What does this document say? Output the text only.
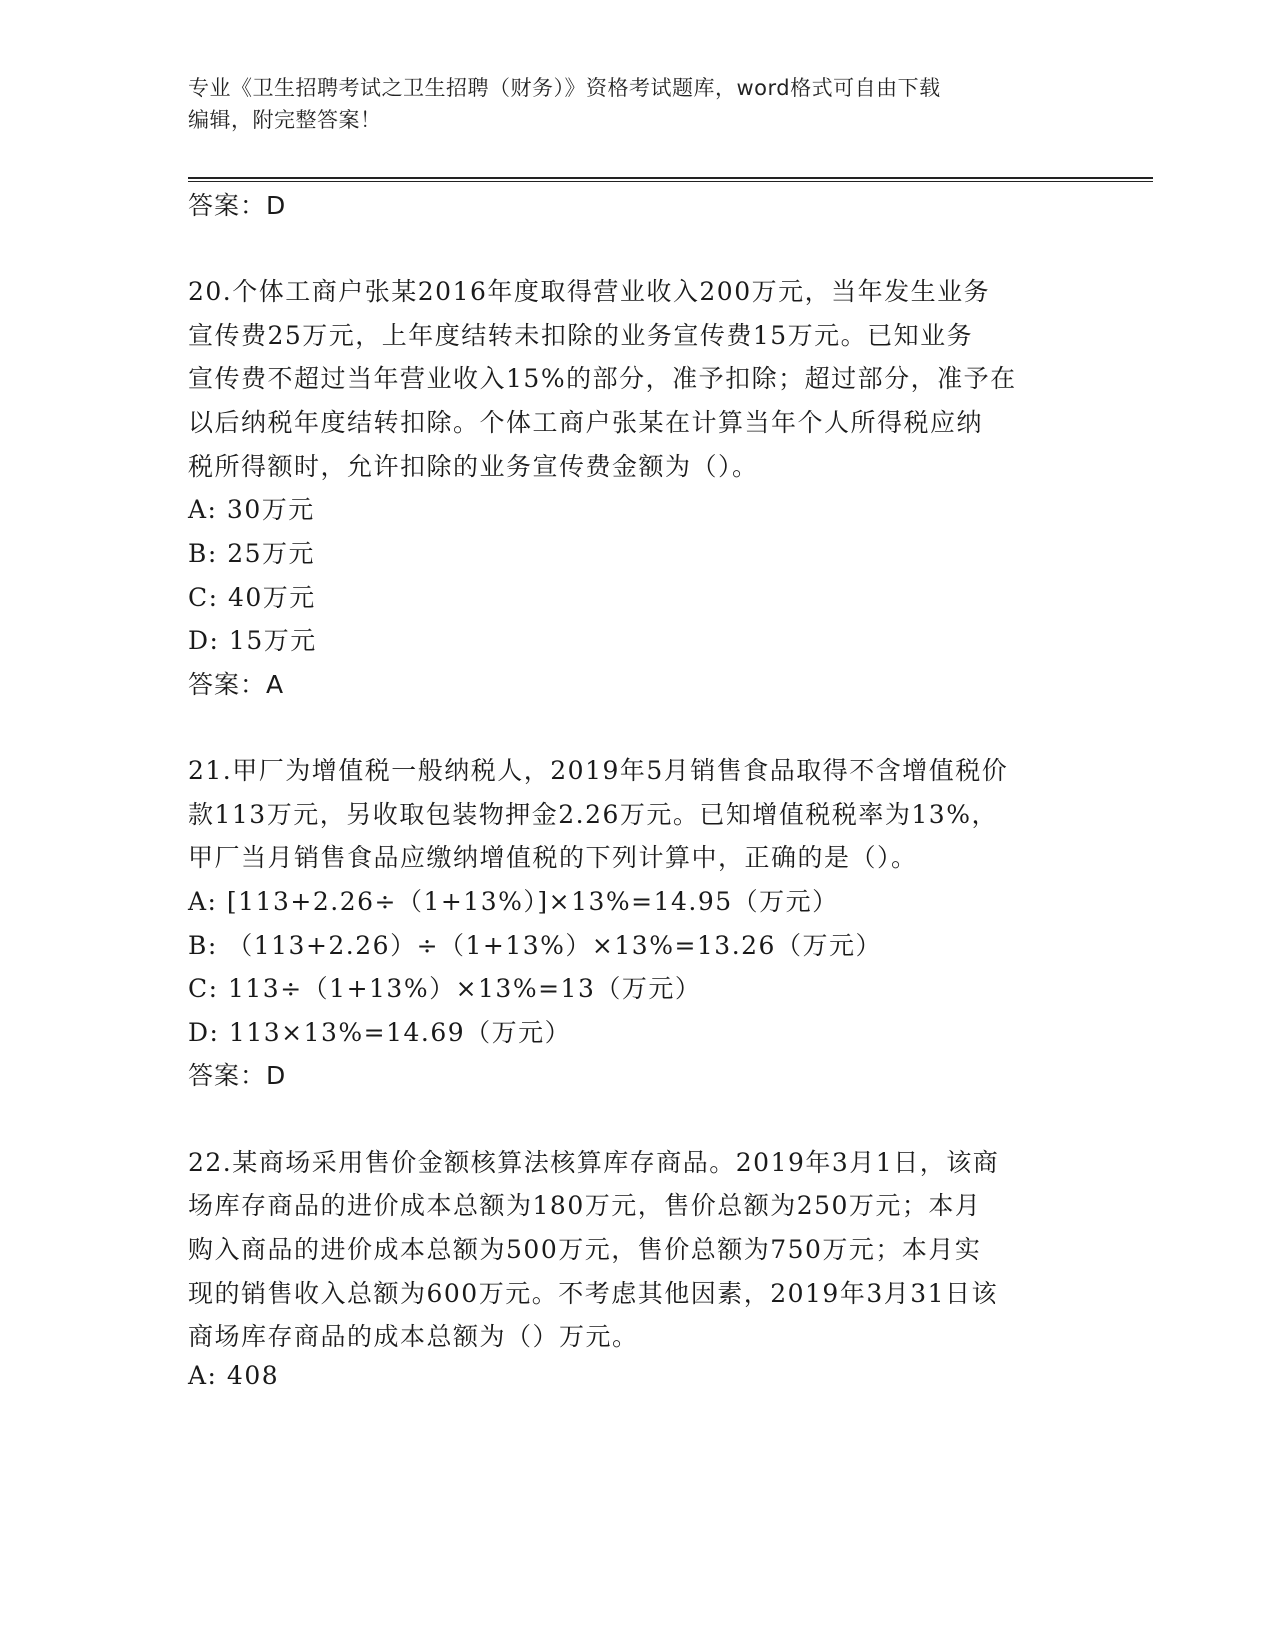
专业《卫生招聘考试之卫生招聘（财务）》资格考试题库，word格式可自由下载
编辑，附完整答案！
答案：D
20.个体工商户张某2016年度取得营业收入200万元，当年发生业务
宣传费25万元，上年度结转未扣除的业务宣传费15万元。已知业务
宣传费不超过当年营业收入15%的部分，准予扣除；超过部分，准予在
以后纳税年度结转扣除。个体工商户张某在计算当年个人所得税应纳
税所得额时，允许扣除的业务宣传费金额为（）。
A: 30万元
B: 25万元
C: 40万元
D: 15万元
答案：A
21.甲厂为增值税一般纳税人，2019年5月销售食品取得不含增值税价
款113万元，另收取包装物押金2.26万元。已知增值税税率为13%，
甲厂当月销售食品应缴纳增值税的下列计算中，正确的是（）。
A: [113+2.26÷（1+13%）]×13%=14.95（万元）
B: （113+2.26）÷（1+13%）×13%=13.26（万元）
C: 113÷（1+13%）×13%=13（万元）
D: 113×13%=14.69（万元）
答案：D
22.某商场采用售价金额核算法核算库存商品。2019年3月1日，该商
场库存商品的进价成本总额为180万元，售价总额为250万元；本月
购入商品的进价成本总额为500万元，售价总额为750万元；本月实
现的销售收入总额为600万元。不考虑其他因素，2019年3月31日该
商场库存商品的成本总额为（）万元。
A: 408
